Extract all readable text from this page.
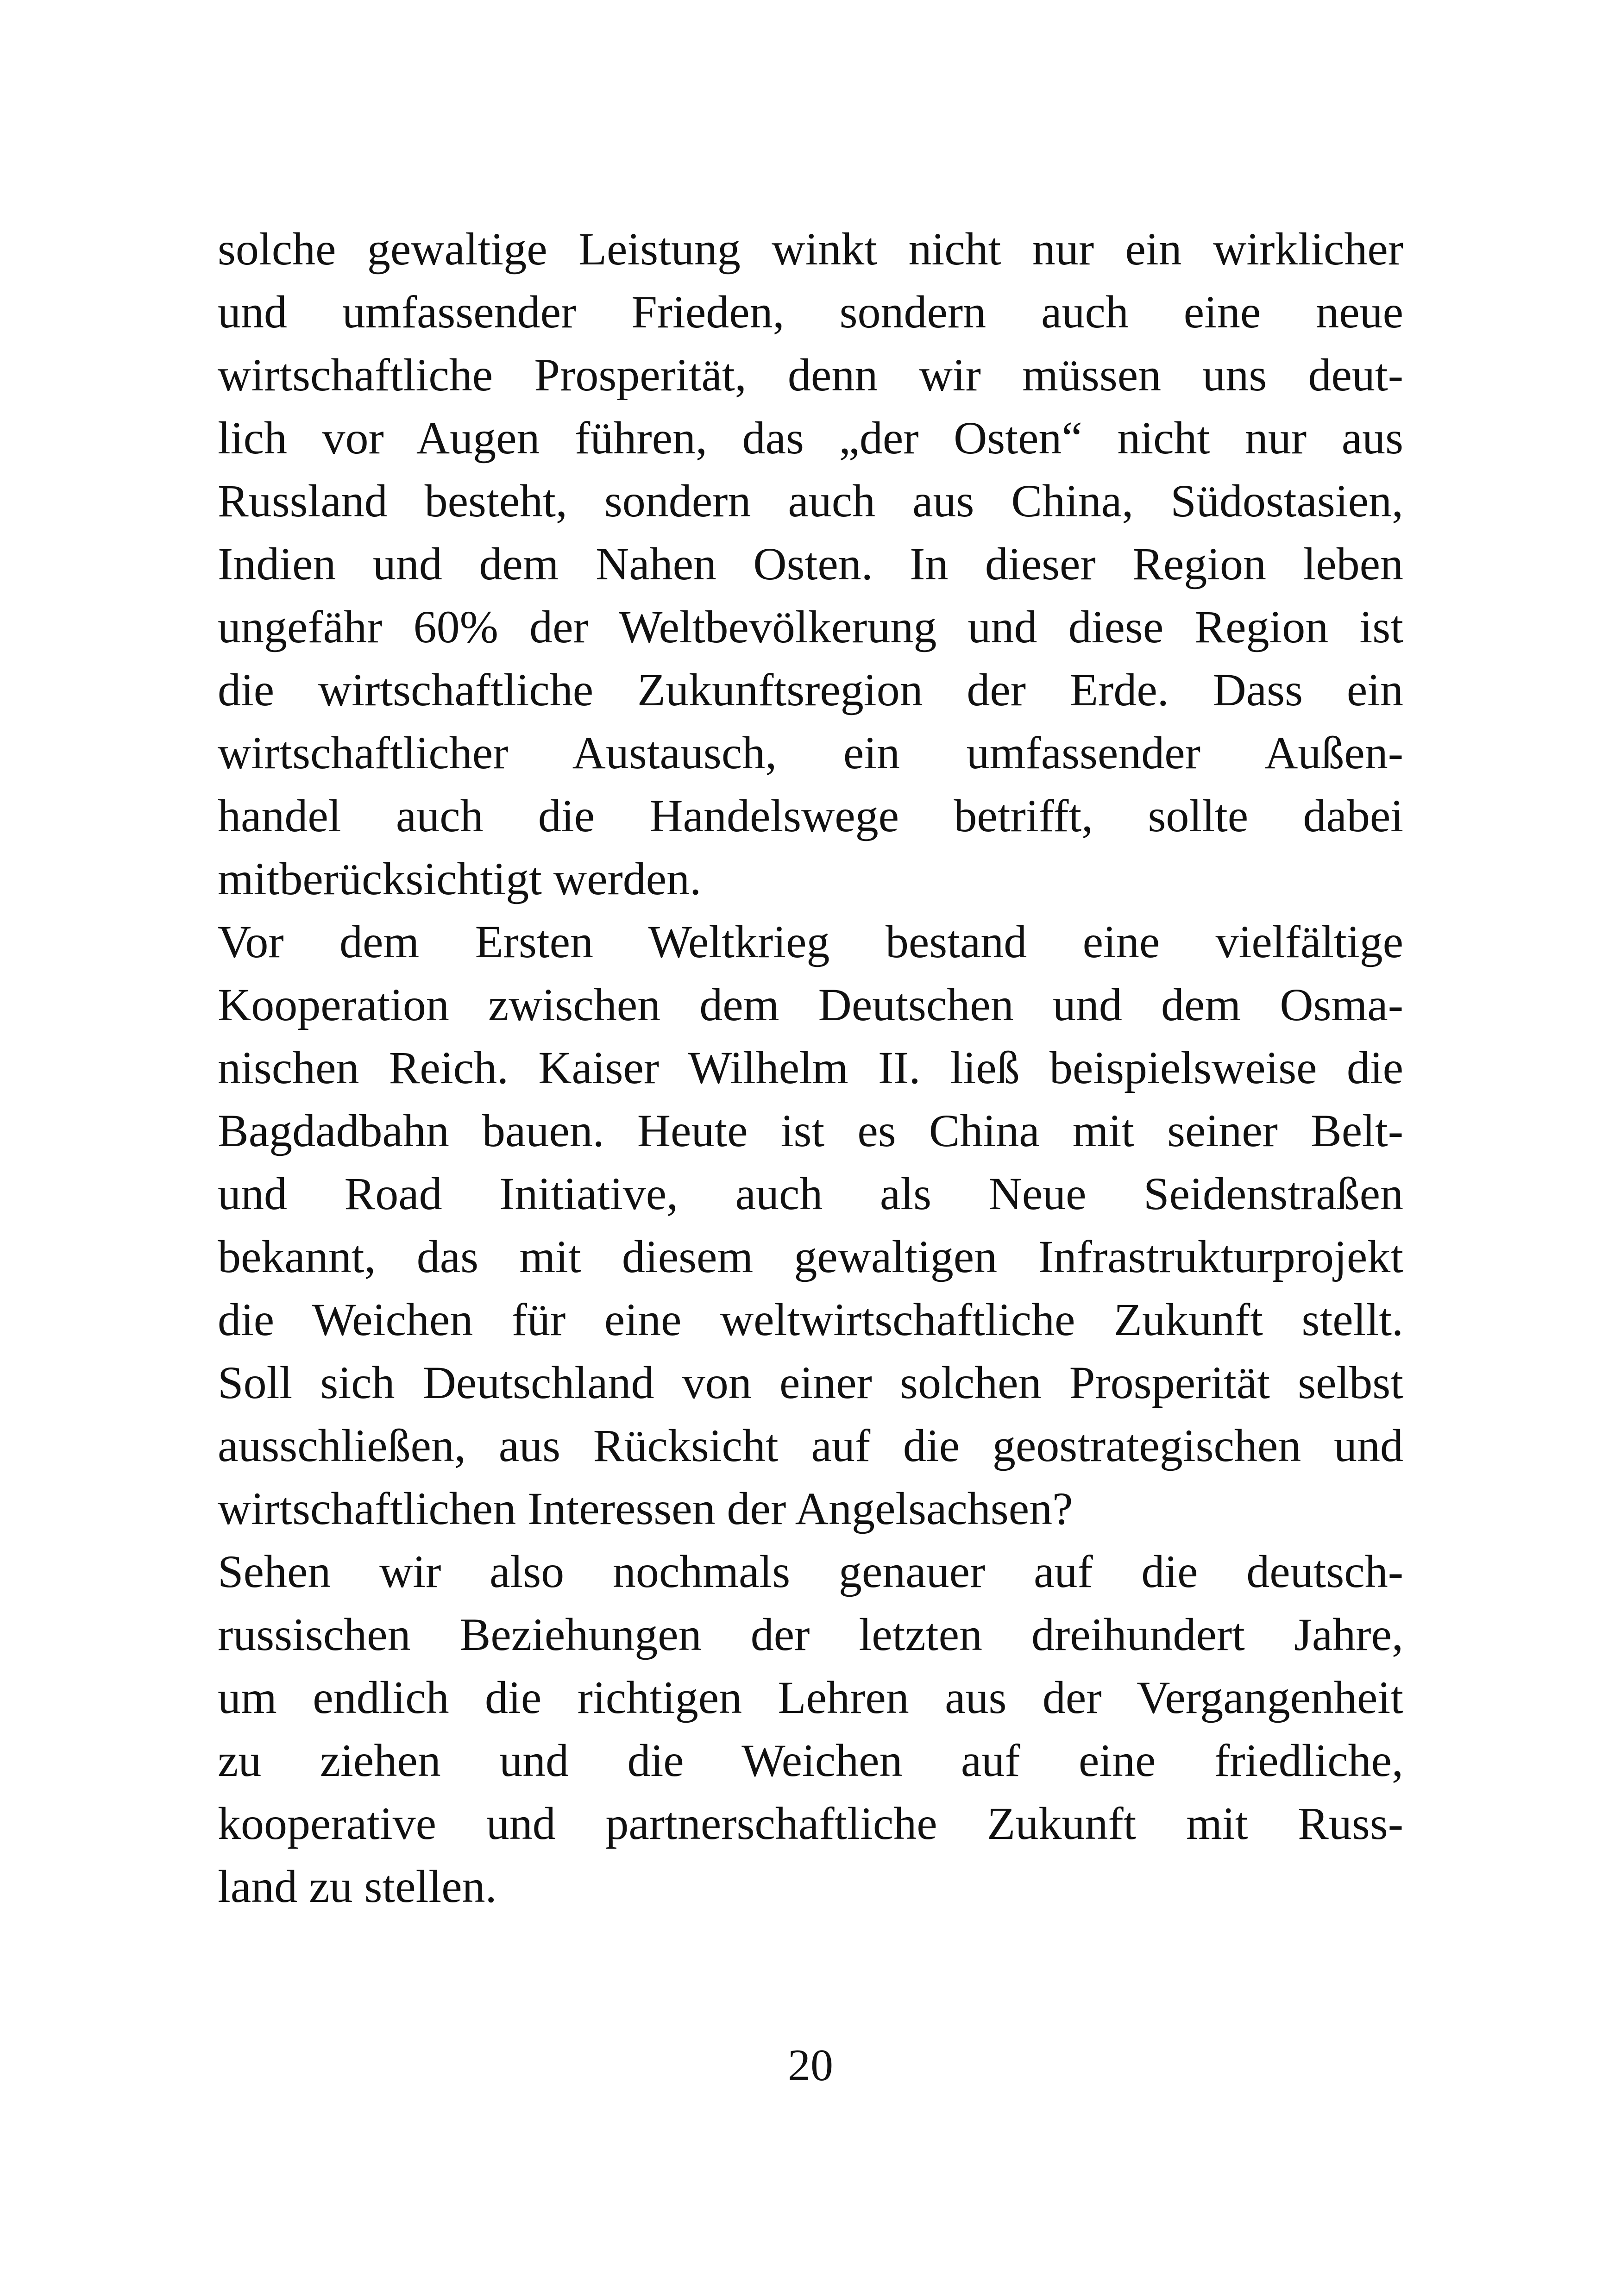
solche gewaltige Leistung winkt nicht nur ein wirklicher
und umfassender Frieden, sondern auch eine neue
wirtschaftliche Prosperität, denn wir müssen uns deut-
lich vor Augen führen, das „der Osten“ nicht nur aus
Russland besteht, sondern auch aus China, Südostasien,
Indien und dem Nahen Osten. In dieser Region leben
ungefähr 60% der Weltbevölkerung und diese Region ist
die wirtschaftliche Zukunftsregion der Erde. Dass ein
wirtschaftlicher Austausch, ein umfassender Außen-
handel auch die Handelswege betrifft, sollte dabei
mitberücksichtigt werden.
Vor dem Ersten Weltkrieg bestand eine vielfältige
Kooperation zwischen dem Deutschen und dem Osma-
nischen Reich. Kaiser Wilhelm II. ließ beispielsweise die
Bagdadbahn bauen. Heute ist es China mit seiner Belt-
und Road Initiative, auch als Neue Seidenstraßen
bekannt, das mit diesem gewaltigen Infrastrukturprojekt
die Weichen für eine weltwirtschaftliche Zukunft stellt.
Soll sich Deutschland von einer solchen Prosperität selbst
ausschließen, aus Rücksicht auf die geostrategischen und
wirtschaftlichen Interessen der Angelsachsen?
Sehen wir also nochmals genauer auf die deutsch-
russischen Beziehungen der letzten dreihundert Jahre,
um endlich die richtigen Lehren aus der Vergangenheit
zu ziehen und die Weichen auf eine friedliche,
kooperative und partnerschaftliche Zukunft mit Russ-
land zu stellen.
20
